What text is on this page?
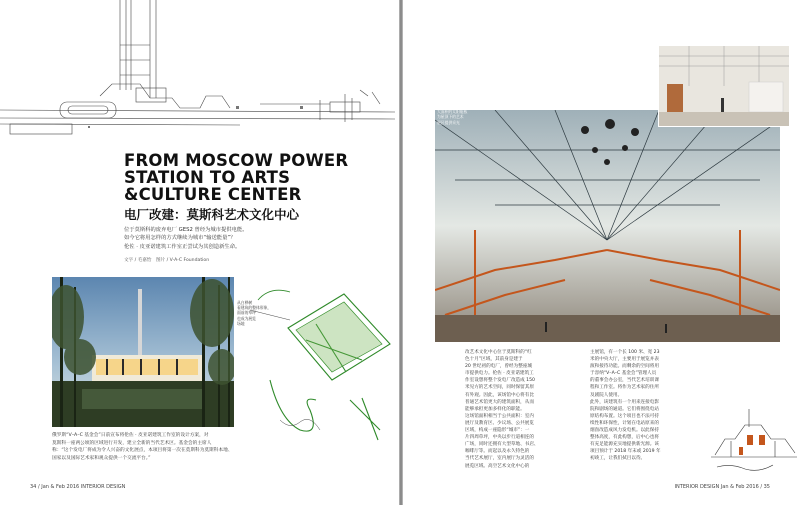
FROM MOSCOW POWER
STATION TO ARTS
&CULTURE CENTER
电厂改建：莫斯科艺术文化中心
位于莫斯科的废弃电厂 GES2 曾经为城市提供电能。
如今它将用怎样的方式继续为城市“输送能量”？
伦佐 · 皮亚诺建筑工作室正尝试为其创造新生命。
文字 / 毛嘉怡　图片 / V-A-C Foundation
从白桦树
看建筑的整体形象，
面前的草坪
也成为展览
场地
俄罗斯“V–A–C 基金会”日前宣布将伦佐 · 皮亚诺建筑工作室的设计方案，对
莫斯科一座两公顷的区域进行开发，建立全新的当代艺术区。基金会的主席人
称：“这个发电厂将成为令人兴奋的文化展点，本项目将第一次在莫斯科为莫斯科本地、
国家以及国际艺术家和观众提供一个交流平台。”
34 / Jan & Feb 2016 INTERIOR DESIGN
屋顶的玻璃面
大面积的太阳能板
为屋顶下的艺术
展区提供采光
改艺术文化中心位于莫斯科的“红
色十月”区域，其前身是建于
20 世纪初的电厂，曾经为整座城
市提供电力。伦佐 · 皮亚诺建筑工
作室设想将整个发电厂改造成 150
米见方的艺术空间，同时保留其原
有外观。因此，该场馆中心将有比
普通艺术馆更大的建筑面积，从而
能够承担更加多样化的职能。
这场馆面积相当于公共面积：室内
展厅及教育区、少议场、公共展览
区域，构成一座隐形“城市”：一
片四周草坪，中央以步行道相连的
广场，同时还拥有大型草地、书店、
咖啡厅等。而起以及永久特色的
当代艺术展厅，室内展厅为灵活的
展览区域。高空艺术文化中心的
主展馆，有一个长 100 米、宽 23
米的中央大厅，主要用于展览并表
演和接待功能。而剩余的空间将用
于容纳“V–A–C 基金会”管理人员
的董事会办公室，当代艺术培训课
程和工作室。将作为艺术家的住所
及剧院人使用。
此外，该建筑有一个用来连接电影
院和剧场的通道。它们将围绕电站
原结构布置。这个项目也不法可持
续性和环保性，计划在电站原来的
烟囱改造成风力发电机。以此保持
整体高度，有此构想，后中心也将
有充足能源充实地提供新光源。该
项目预计于 2018 年末或 2019 年
初竣工，让我们拭目以待。
INTERIOR DESIGN Jan & Feb 2016 / 35
